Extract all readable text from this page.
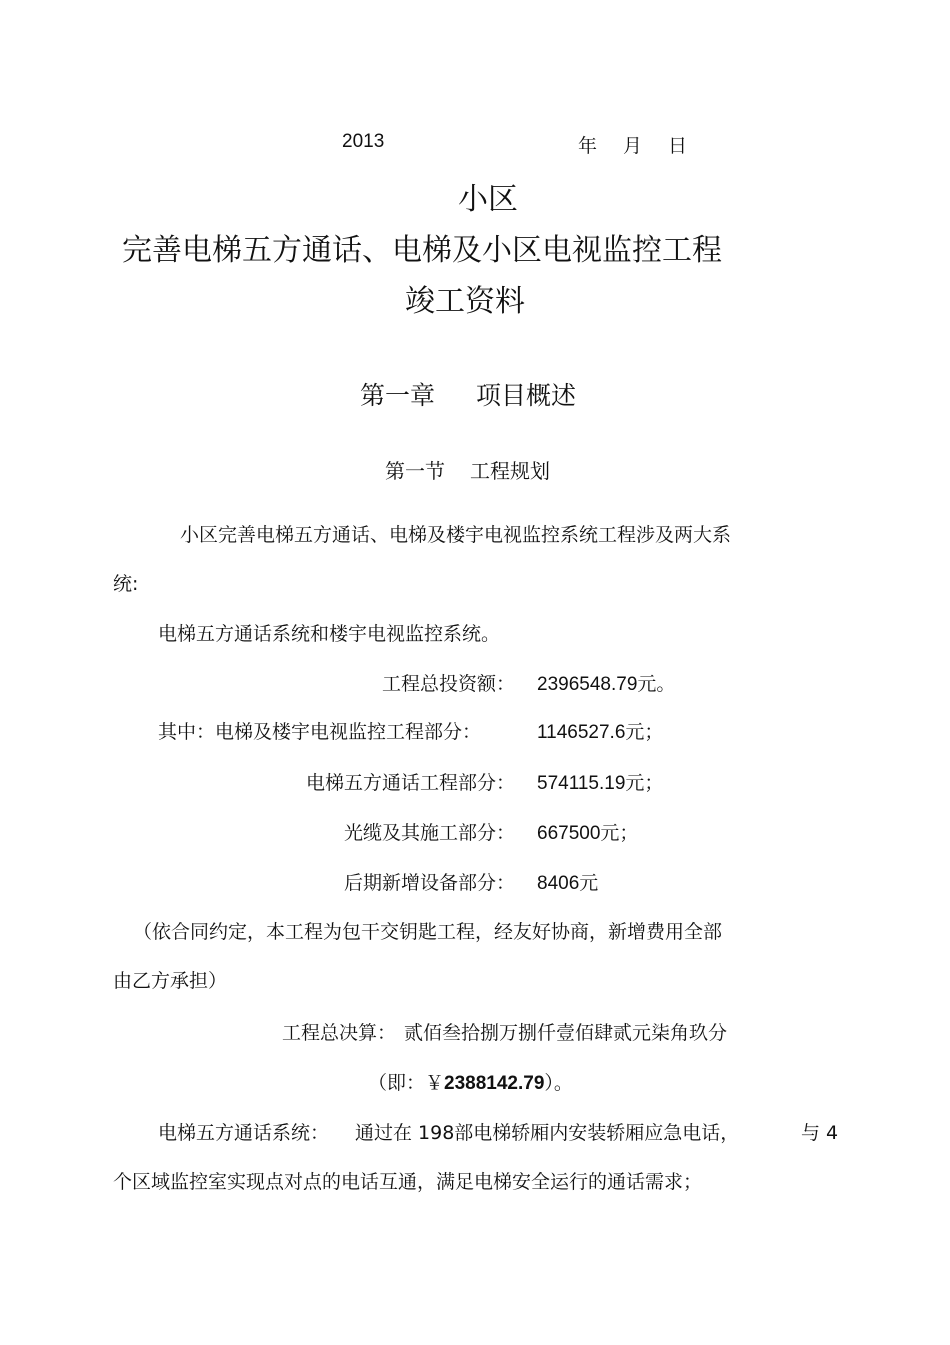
2013	年 月 日
小区
完善电梯五方通话、电梯及小区电视监控工程
竣工资料
第一章 项目概述
第一节 工程规划
小区完善电梯五方通话、电梯及楼宇电视监控系统工程涉及两大系
统:
电梯五方通话系统和楼宇电视监控系统。
工程总投资额： 2396548.79元。
其中：电梯及楼宇电视监控工程部分：	1146527.6元；
电梯五方通话工程部分： 574115.19元；
光缆及其施工部分： 667500元；
后期新增设备部分： 8406元
（依合同约定，本工程为包干交钥匙工程，经友好协商，新增费用全部
由乙方承担）
工程总决算： 贰佰叁拾捌万捌仟壹佰肆贰元柒角玖分
（即：￥2388142.79）。
电梯五方通话系统： 通过在 198部电梯轿厢内安装轿厢应急电话，	与 4
个区域监控室实现点对点的电话互通，满足电梯安全运行的通话需求；
